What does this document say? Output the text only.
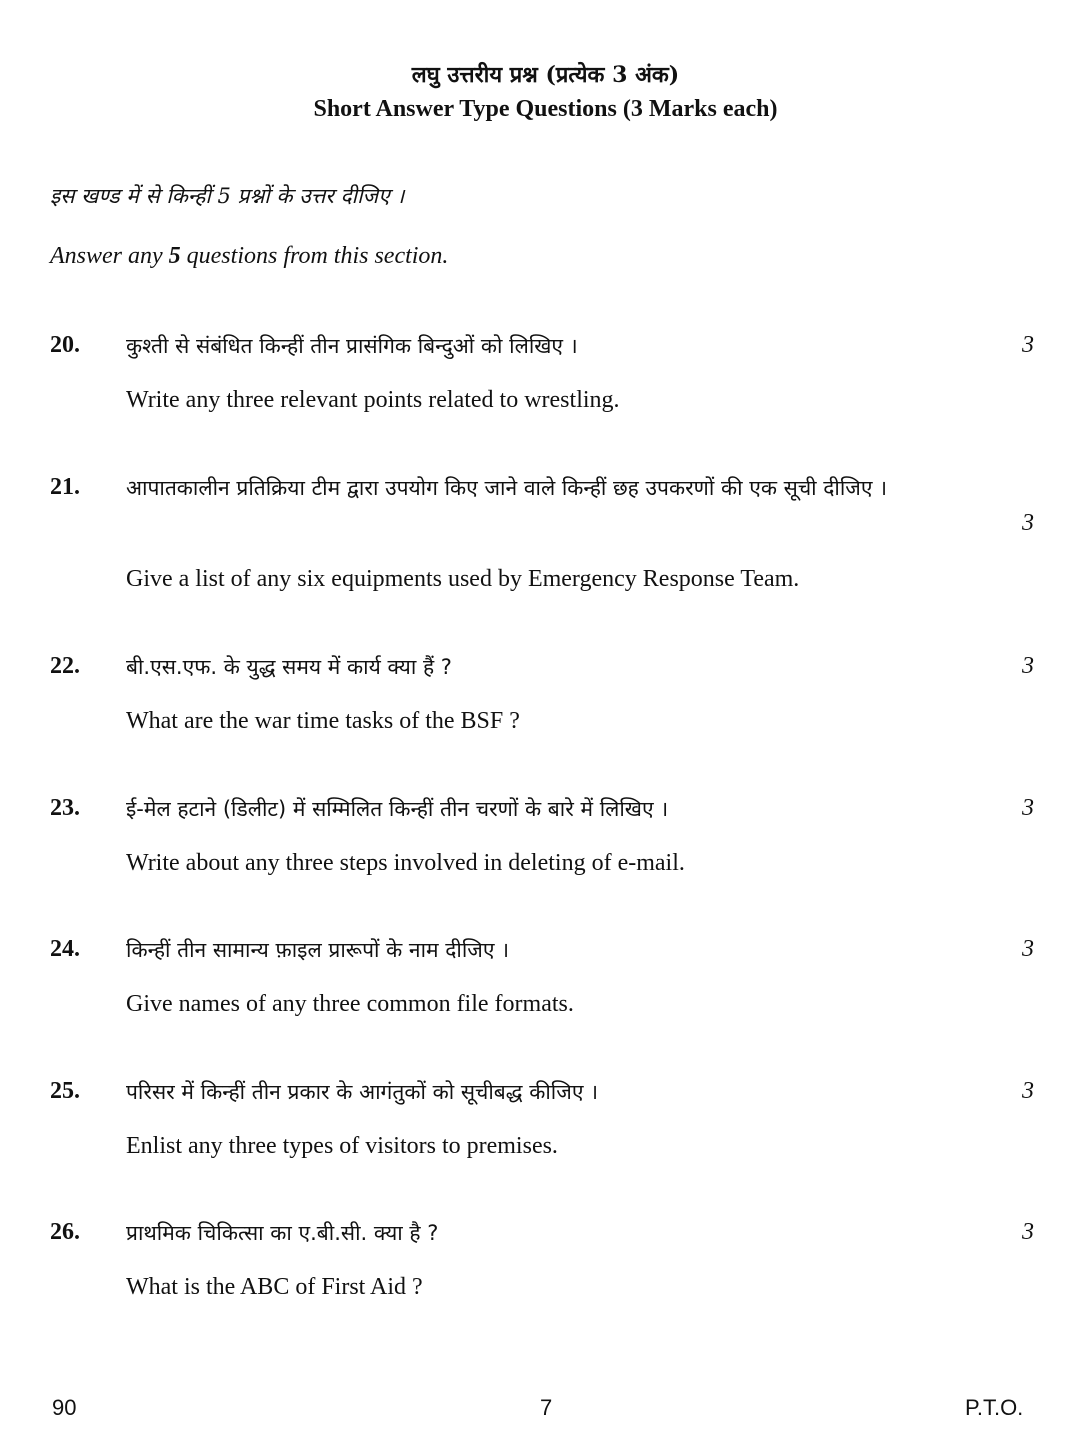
लघु उत्तरीय प्रश्न (प्रत्येक 3 अंक)
Short Answer Type Questions (3 Marks each)
इस खण्ड में से किन्हीं 5 प्रश्नों के उत्तर दीजिए ।
Answer any 5 questions from this section.
20. कुश्ती से संबंधित किन्हीं तीन प्रासंगिक बिन्दुओं को लिखिए ।	3
Write any three relevant points related to wrestling.
21. आपातकालीन प्रतिक्रिया टीम द्वारा उपयोग किए जाने वाले किन्हीं छह उपकरणों की एक सूची दीजिए ।
3
Give a list of any six equipments used by Emergency Response Team.
22. बी.एस.एफ. के युद्ध समय में कार्य क्या हैं ?	3
What are the war time tasks of the BSF ?
23. ई-मेल हटाने (डिलीट) में सम्मिलित किन्हीं तीन चरणों के बारे में लिखिए ।	3
Write about any three steps involved in deleting of e-mail.
24. किन्हीं तीन सामान्य फ़ाइल प्रारूपों के नाम दीजिए ।	3
Give names of any three common file formats.
25. परिसर में किन्हीं तीन प्रकार के आगंतुकों को सूचीबद्ध कीजिए ।	3
Enlist any three types of visitors to premises.
26. प्राथमिक चिकित्सा का ए.बी.सी. क्या है ?	3
What is the ABC of First Aid ?
90	7	P.T.O.
